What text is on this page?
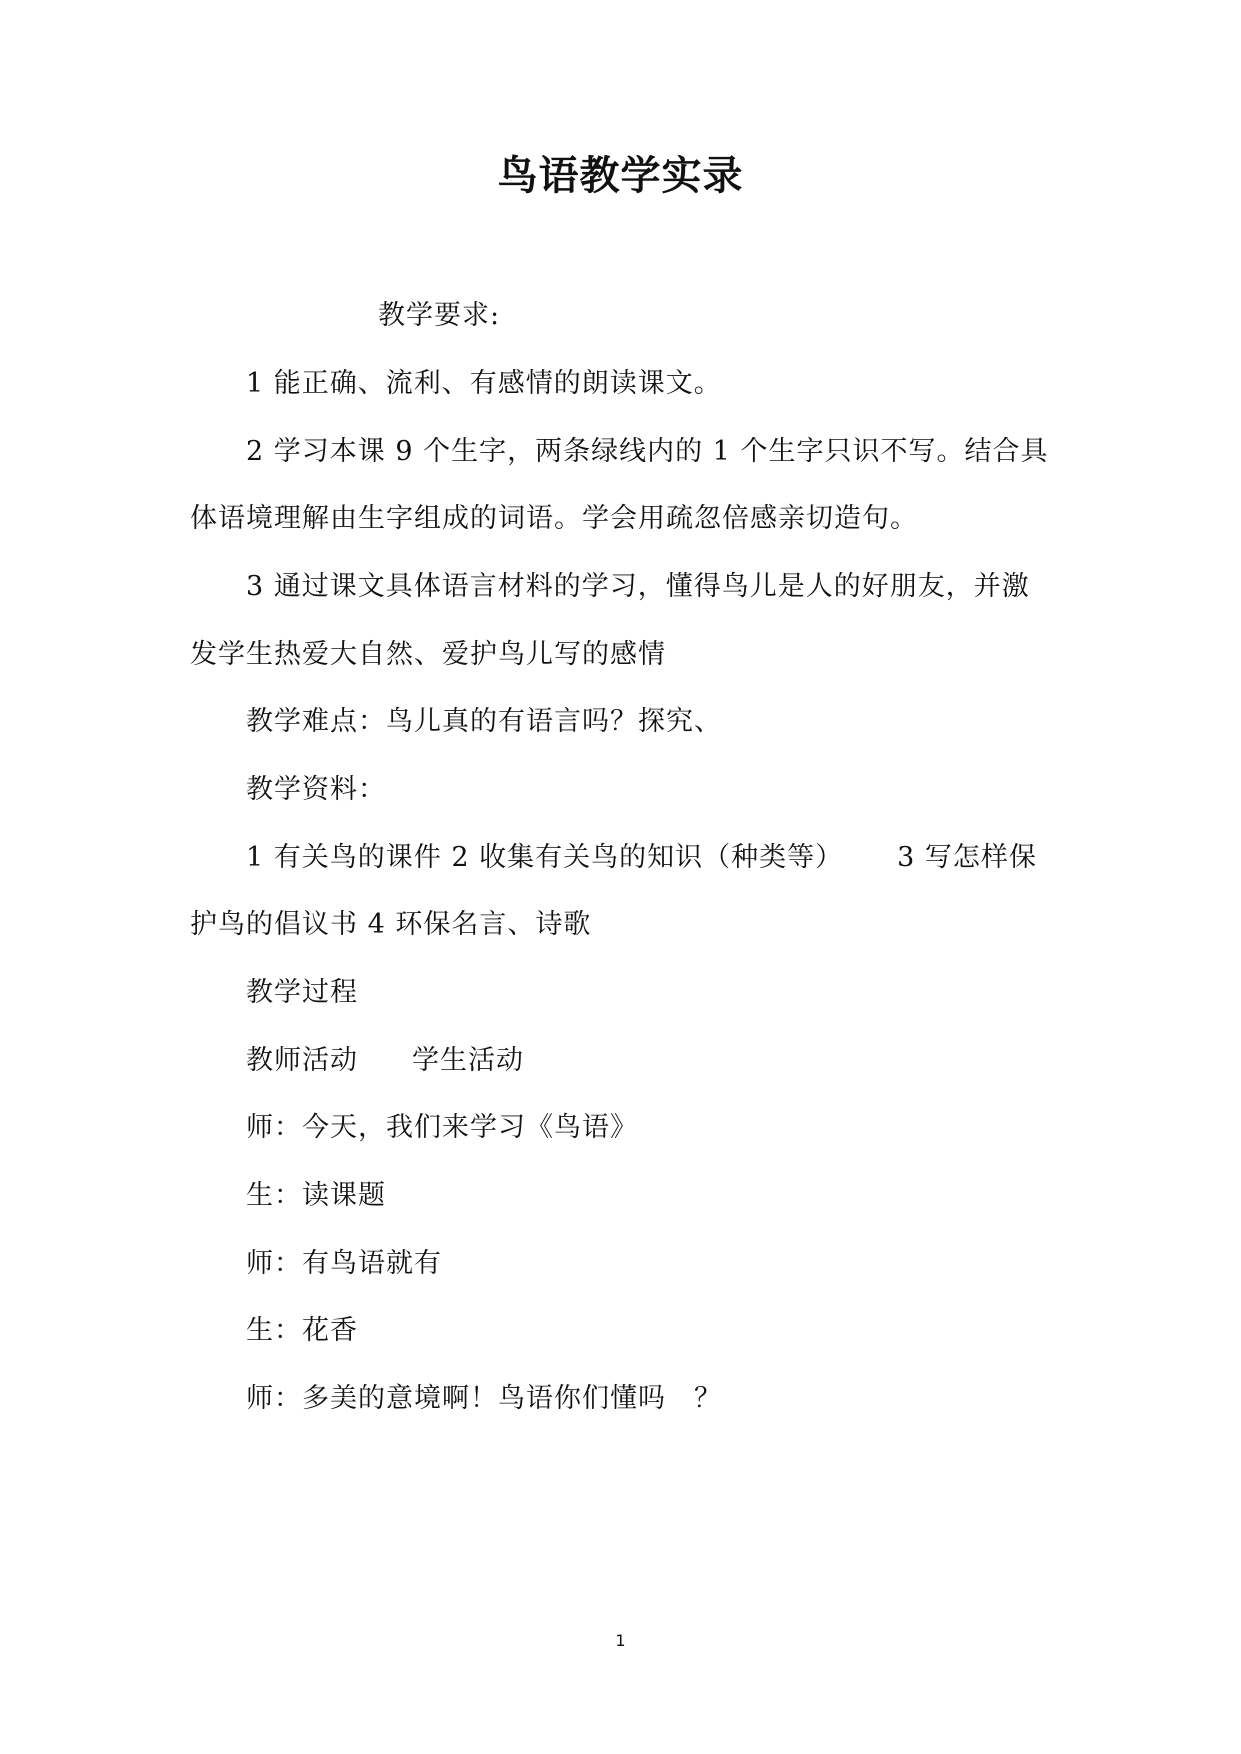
鸟语教学实录
教学要求:
1 能正确、流利、有感情的朗读课文。
2 学习本课 9 个生字，两条绿线内的 1 个生字只识不写。结合具
体语境理解由生字组成的词语。学会用疏忽倍感亲切造句。
3 通过课文具体语言材料的学习，懂得鸟儿是人的好朋友，并激
发学生热爱大自然、爱护鸟儿写的感情
教学难点：鸟儿真的有语言吗？探究、
教学资料：
1 有关鸟的课件 2 收集有关鸟的知识（种类等） 3 写怎样保
护鸟的倡议书 4 环保名言、诗歌
教学过程
教师活动 学生活动
师：今天，我们来学习《鸟语》
生：读课题
师：有鸟语就有
生：花香
师：多美的意境啊！鸟语你们懂吗 ？
1
